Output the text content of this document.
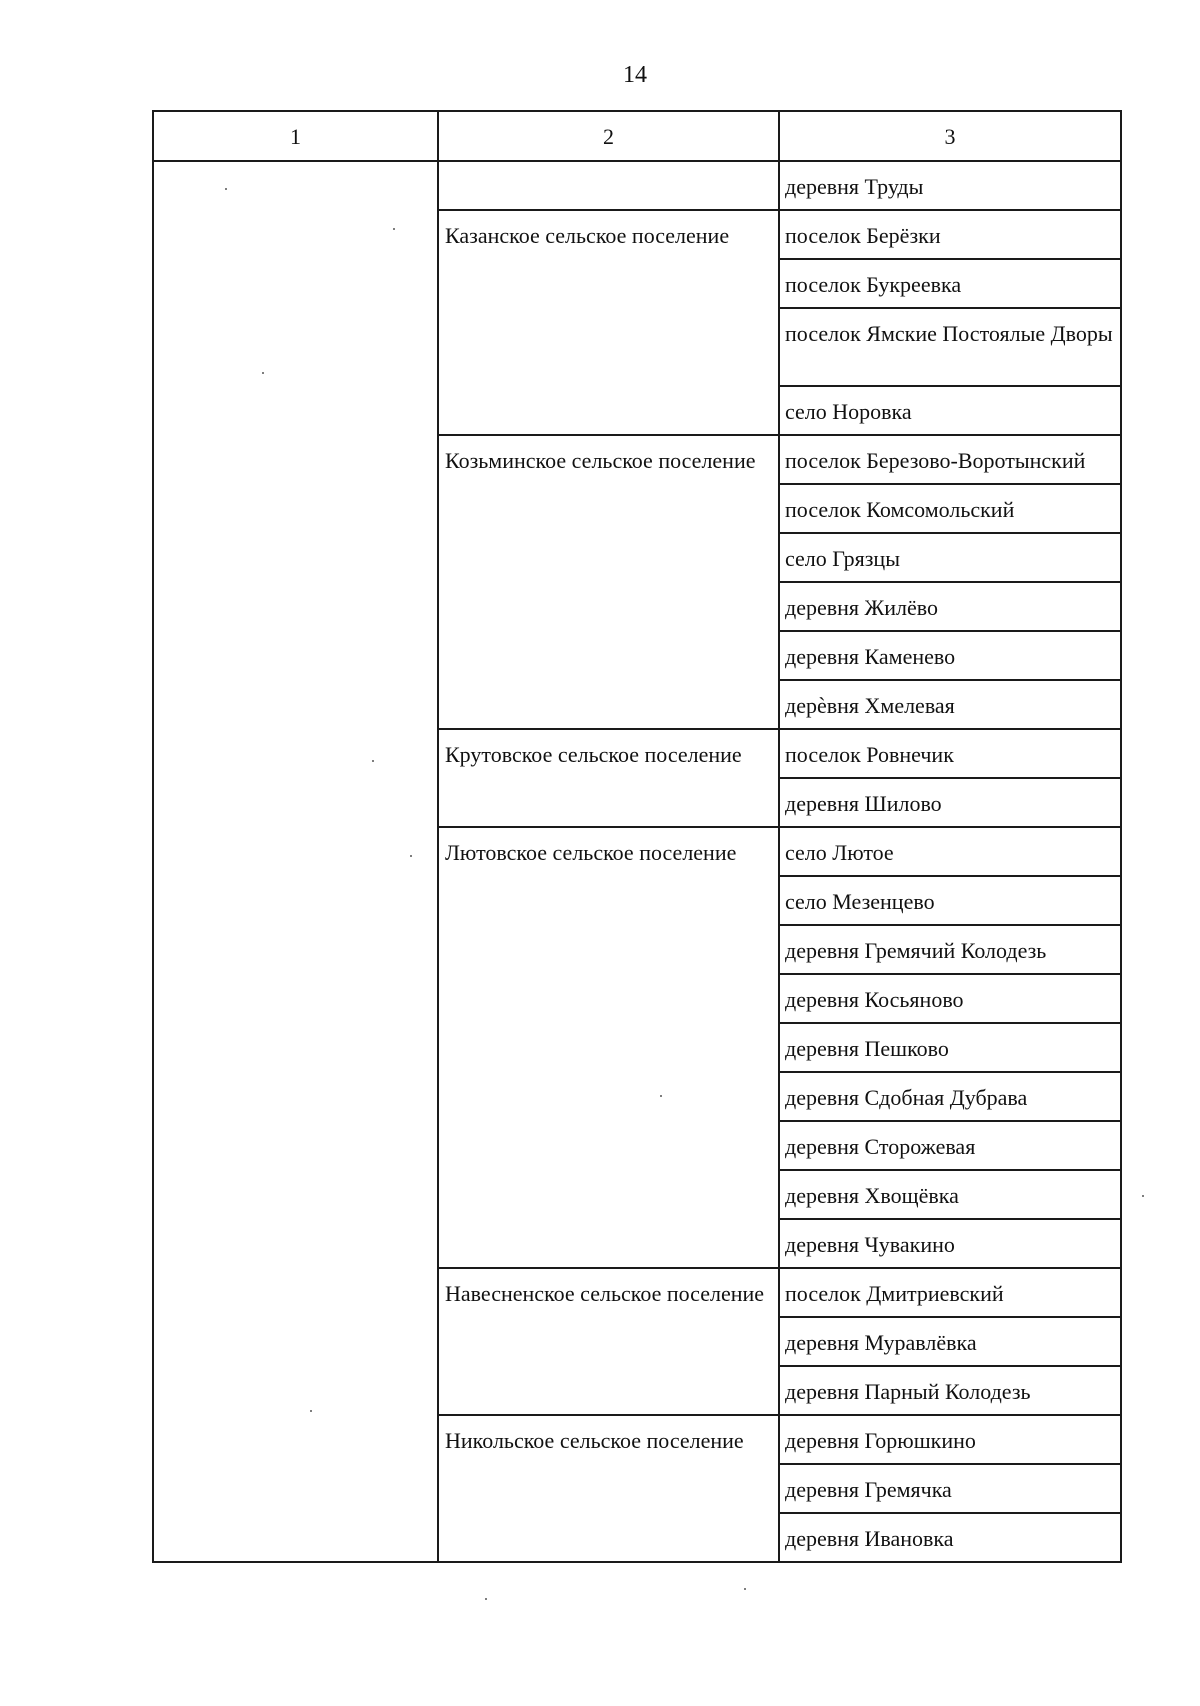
14
1	2	3
		деревня Труды
	Казанское сельское поселение	поселок Берёзки
		поселок Букреевка
		поселок Ямские Постоялые Дворы
		село Норовка
	Козьминское сельское поселение	поселок Березово-Воротынский
		поселок Комсомольский
		село Грязцы
		деревня Жилёво
		деревня Каменево
		дерѐвня Хмелевая
	Крутовское сельское поселение	поселок Ровнечик
		деревня Шилово
	Лютовское сельское поселение	село Лютое
		село Мезенцево
		деревня Гремячий Колодезь
		деревня Косьяново
		деревня Пешково
		деревня Сдобная Дубрава
		деревня Сторожевая
		деревня Хвощёвка
		деревня Чувакино
	Навесненское сельское поселение	поселок Дмитриевский
		деревня Муравлёвка
		деревня Парный Колодезь
	Никольское сельское поселение	деревня Горюшкино
		деревня Гремячка
		деревня Ивановка
